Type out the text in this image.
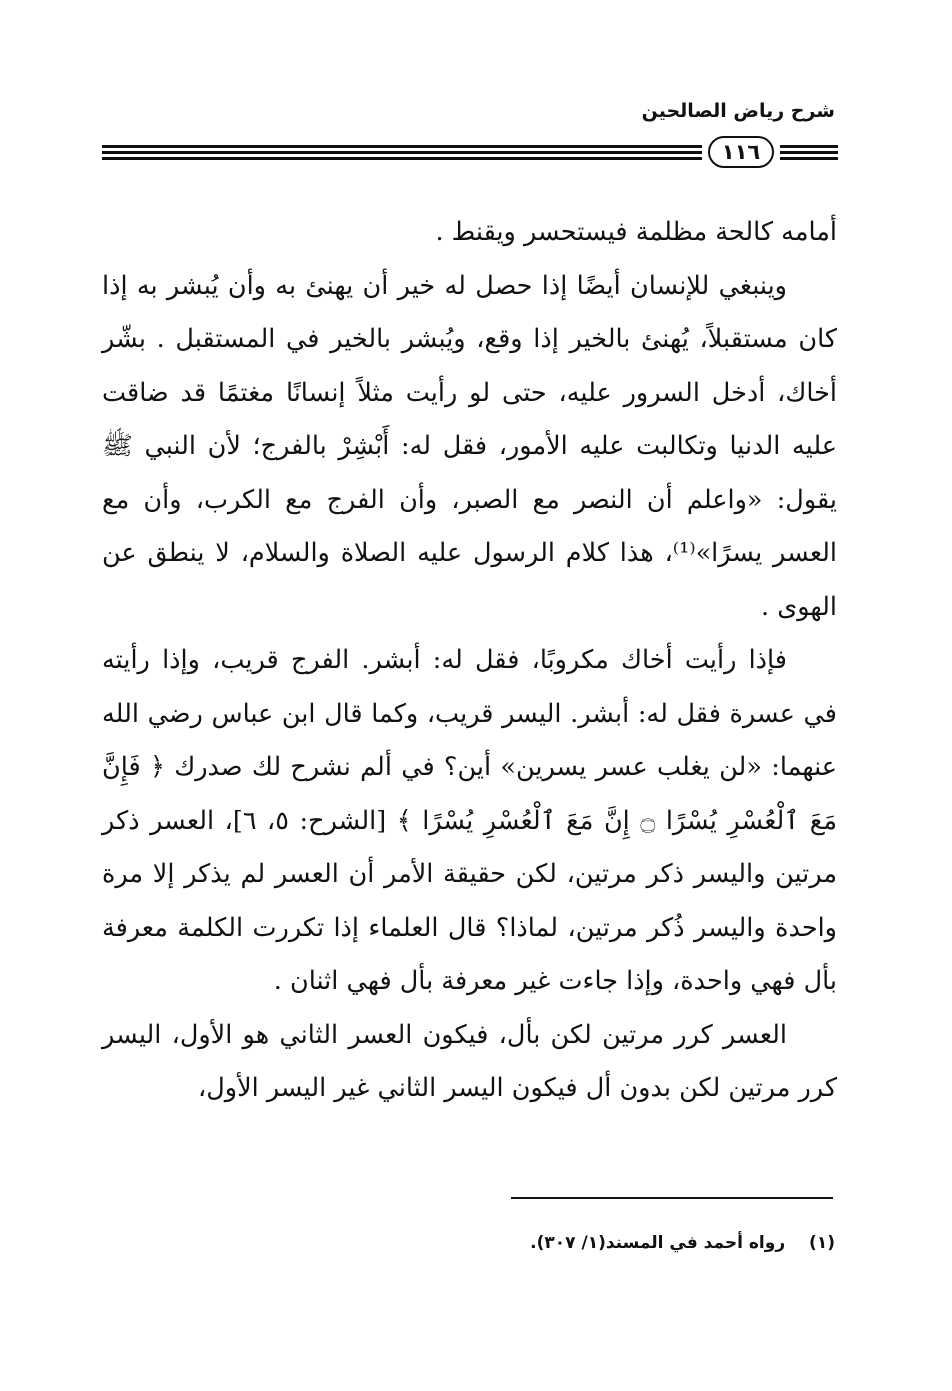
شرح رياض الصالحين
١١٦

أمامه كالحة مظلمة فيستحسر ويقنط .

وينبغي للإنسان أيضًا إذا حصل له خير أن يهنئ به وأن يُبشر به إذا كان مستقبلاً، يُهنئ بالخير إذا وقع، ويُبشر بالخير في المستقبل . بشّر أخاك، أدخل السرور عليه، حتى لو رأيت مثلاً إنسانًا مغتمًا قد ضاقت عليه الدنيا وتكالبت عليه الأمور، فقل له: أَبْشِرْ بالفرج؛ لأن النبي ﷺ يقول: «واعلم أن النصر مع الصبر، وأن الفرج مع الكرب، وأن مع العسر يسرًا»⁽¹⁾، هذا كلام الرسول عليه الصلاة والسلام، لا ينطق عن الهوى .

فإذا رأيت أخاك مكروبًا، فقل له: أبشر. الفرج قريب، وإذا رأيته في عسرة فقل له: أبشر. اليسر قريب، وكما قال ابن عباس رضي الله عنهما: «لن يغلب عسر يسرين» أين؟ في ألم نشرح لك صدرك ﴿ فَإِنَّ مَعَ ٱلْعُسْرِ يُسْرًا ۝ إِنَّ مَعَ ٱلْعُسْرِ يُسْرًا ﴾ [الشرح: ٥، ٦]، العسر ذكر مرتين واليسر ذكر مرتين، لكن حقيقة الأمر أن العسر لم يذكر إلا مرة واحدة واليسر ذُكر مرتين، لماذا؟ قال العلماء إذا تكررت الكلمة معرفة بأل فهي واحدة، وإذا جاءت غير معرفة بأل فهي اثنان .

العسر كرر مرتين لكن بأل، فيكون العسر الثاني هو الأول، اليسر كرر مرتين لكن بدون أل فيكون اليسر الثاني غير اليسر الأول،

(١) رواه أحمد في المسند(١/ ٣٠٧).
